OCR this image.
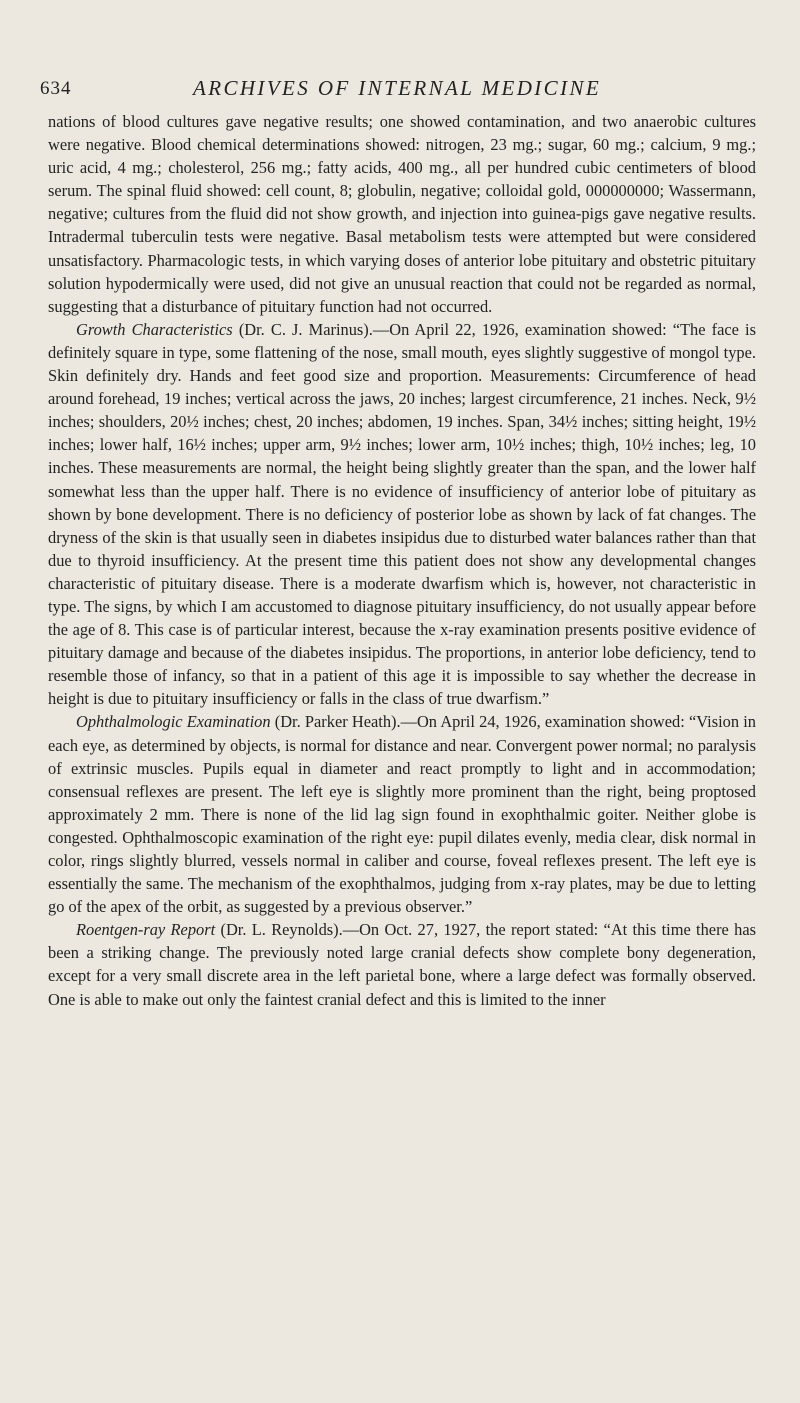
634	ARCHIVES OF INTERNAL MEDICINE

nations of blood cultures gave negative results; one showed contamination, and two anaerobic cultures were negative. Blood chemical determinations showed: nitrogen, 23 mg.; sugar, 60 mg.; calcium, 9 mg.; uric acid, 4 mg.; cholesterol, 256 mg.; fatty acids, 400 mg., all per hundred cubic centimeters of blood serum. The spinal fluid showed: cell count, 8; globulin, negative; colloidal gold, 000000000; Wassermann, negative; cultures from the fluid did not show growth, and injection into guinea-pigs gave negative results. Intradermal tuberculin tests were negative. Basal metabolism tests were attempted but were considered unsatisfactory. Pharmacologic tests, in which varying doses of anterior lobe pituitary and obstetric pituitary solution hypodermically were used, did not give an unusual reaction that could not be regarded as normal, suggesting that a disturbance of pituitary function had not occurred.

Growth Characteristics (Dr. C. J. Marinus).—On April 22, 1926, examination showed: “The face is definitely square in type, some flattening of the nose, small mouth, eyes slightly suggestive of mongol type. Skin definitely dry. Hands and feet good size and proportion. Measurements: Circumference of head around forehead, 19 inches; vertical across the jaws, 20 inches; largest circumference, 21 inches. Neck, 9½ inches; shoulders, 20½ inches; chest, 20 inches; abdomen, 19 inches. Span, 34½ inches; sitting height, 19½ inches; lower half, 16½ inches; upper arm, 9½ inches; lower arm, 10½ inches; thigh, 10½ inches; leg, 10 inches. These measurements are normal, the height being slightly greater than the span, and the lower half somewhat less than the upper half. There is no evidence of insufficiency of anterior lobe of pituitary as shown by bone development. There is no deficiency of posterior lobe as shown by lack of fat changes. The dryness of the skin is that usually seen in diabetes insipidus due to disturbed water balances rather than that due to thyroid insufficiency. At the present time this patient does not show any developmental changes characteristic of pituitary disease. There is a moderate dwarfism which is, however, not characteristic in type. The signs, by which I am accustomed to diagnose pituitary insufficiency, do not usually appear before the age of 8. This case is of particular interest, because the x-ray examination presents positive evidence of pituitary damage and because of the diabetes insipidus. The proportions, in anterior lobe deficiency, tend to resemble those of infancy, so that in a patient of this age it is impossible to say whether the decrease in height is due to pituitary insufficiency or falls in the class of true dwarfism.”

Ophthalmologic Examination (Dr. Parker Heath).—On April 24, 1926, examination showed: “Vision in each eye, as determined by objects, is normal for distance and near. Convergent power normal; no paralysis of extrinsic muscles. Pupils equal in diameter and react promptly to light and in accommodation; consensual reflexes are present. The left eye is slightly more prominent than the right, being proptosed approximately 2 mm. There is none of the lid lag sign found in exophthalmic goiter. Neither globe is congested. Ophthalmoscopic examination of the right eye: pupil dilates evenly, media clear, disk normal in color, rings slightly blurred, vessels normal in caliber and course, foveal reflexes present. The left eye is essentially the same. The mechanism of the exophthalmos, judging from x-ray plates, may be due to letting go of the apex of the orbit, as suggested by a previous observer.”

Roentgen-ray Report (Dr. L. Reynolds).—On Oct. 27, 1927, the report stated: “At this time there has been a striking change. The previously noted large cranial defects show complete bony degeneration, except for a very small discrete area in the left parietal bone, where a large defect was formally observed. One is able to make out only the faintest cranial defect and this is limited to the inner
